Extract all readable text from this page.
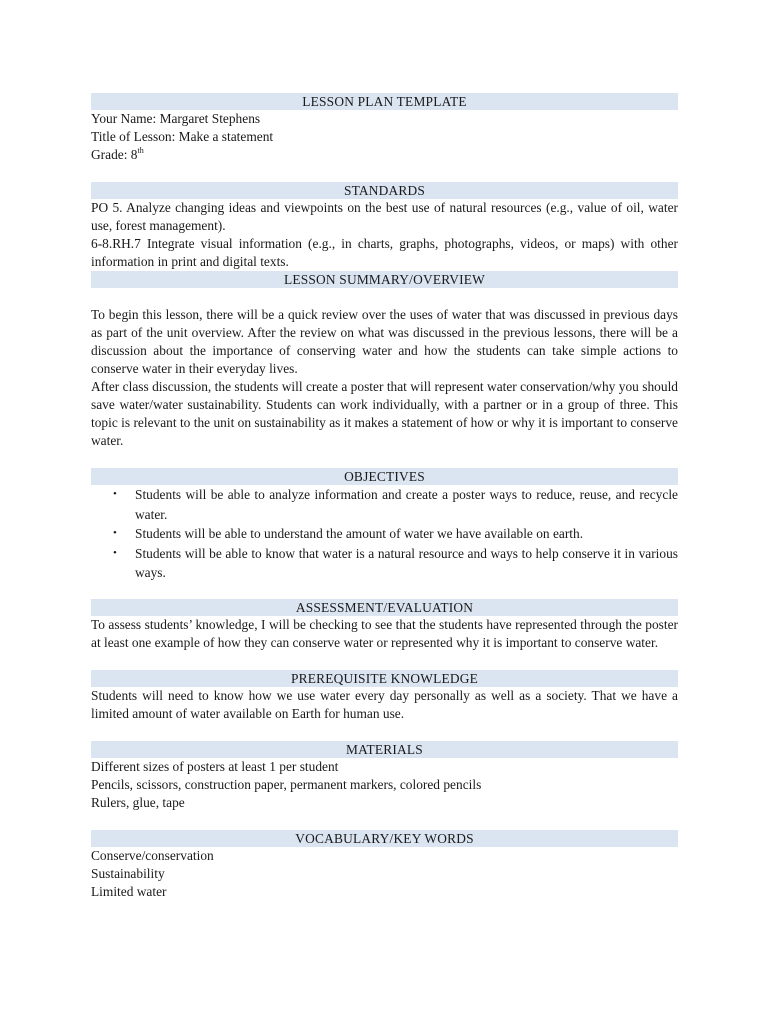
LESSON PLAN TEMPLATE

Your Name: Margaret Stephens

Title of Lesson: Make a statement

Grade: 8th

STANDARDS

PO 5. Analyze changing ideas and viewpoints on the best use of natural resources (e.g., value of oil, water use, forest management).

6-8.RH.7 Integrate visual information (e.g., in charts, graphs, photographs, videos, or maps) with other information in print and digital texts.

LESSON SUMMARY/OVERVIEW

To begin this lesson, there will be a quick review over the uses of water that was discussed in previous days as part of the unit overview. After the review on what was discussed in the previous lessons, there will be a discussion about the importance of conserving water and how the students can take simple actions to conserve water in their everyday lives.

After class discussion, the students will create a poster that will represent water conservation/why you should save water/water sustainability. Students can work individually, with a partner or in a group of three. This topic is relevant to the unit on sustainability as it makes a statement of how or why it is important to conserve water.

OBJECTIVES
• Students will be able to analyze information and create a poster ways to reduce, reuse, and recycle water.
• Students will be able to understand the amount of water we have available on earth.
• Students will be able to know that water is a natural resource and ways to help conserve it in various ways.
ASSESSMENT/EVALUATION

To assess students’ knowledge, I will be checking to see that the students have represented through the poster at least one example of how they can conserve water or represented why it is important to conserve water.

PREREQUISITE KNOWLEDGE

Students will need to know how we use water every day personally as well as a society. That we have a limited amount of water available on Earth for human use.

MATERIALS

Different sizes of posters at least 1 per student

Pencils, scissors, construction paper, permanent markers, colored pencils

Rulers, glue, tape

VOCABULARY/KEY WORDS

Conserve/conservation

Sustainability

Limited water
